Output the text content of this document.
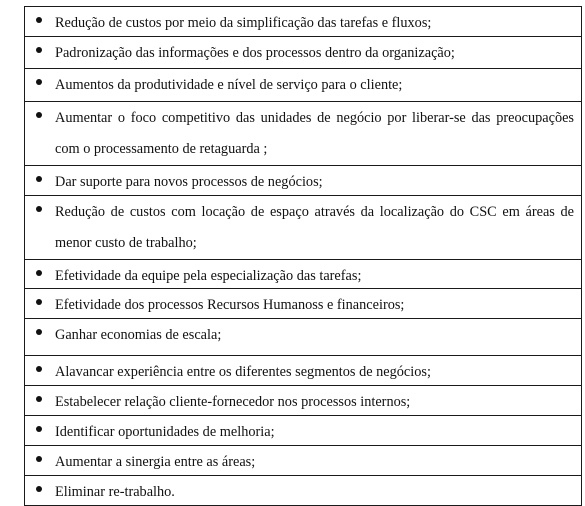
Redução de custos por meio da simplificação das tarefas e fluxos;

Padronização das informações e dos processos dentro da organização;

Aumentos da produtividade e nível de serviço para o cliente;

Aumentar o foco competitivo das unidades de negócio por liberar-se das preocupações com o processamento de retaguarda ;

Dar suporte para novos processos de negócios;

Redução de custos com locação de espaço através da localização do CSC em áreas de menor custo de trabalho;

Efetividade da equipe pela especialização das tarefas;

Efetividade dos processos Recursos Humanoss e financeiros;

Ganhar economias de escala;

Alavancar experiência entre os diferentes segmentos de negócios;

Estabelecer relação cliente-fornecedor nos processos internos;

Identificar oportunidades de melhoria;

Aumentar a sinergia entre as áreas;

Eliminar re-trabalho.
